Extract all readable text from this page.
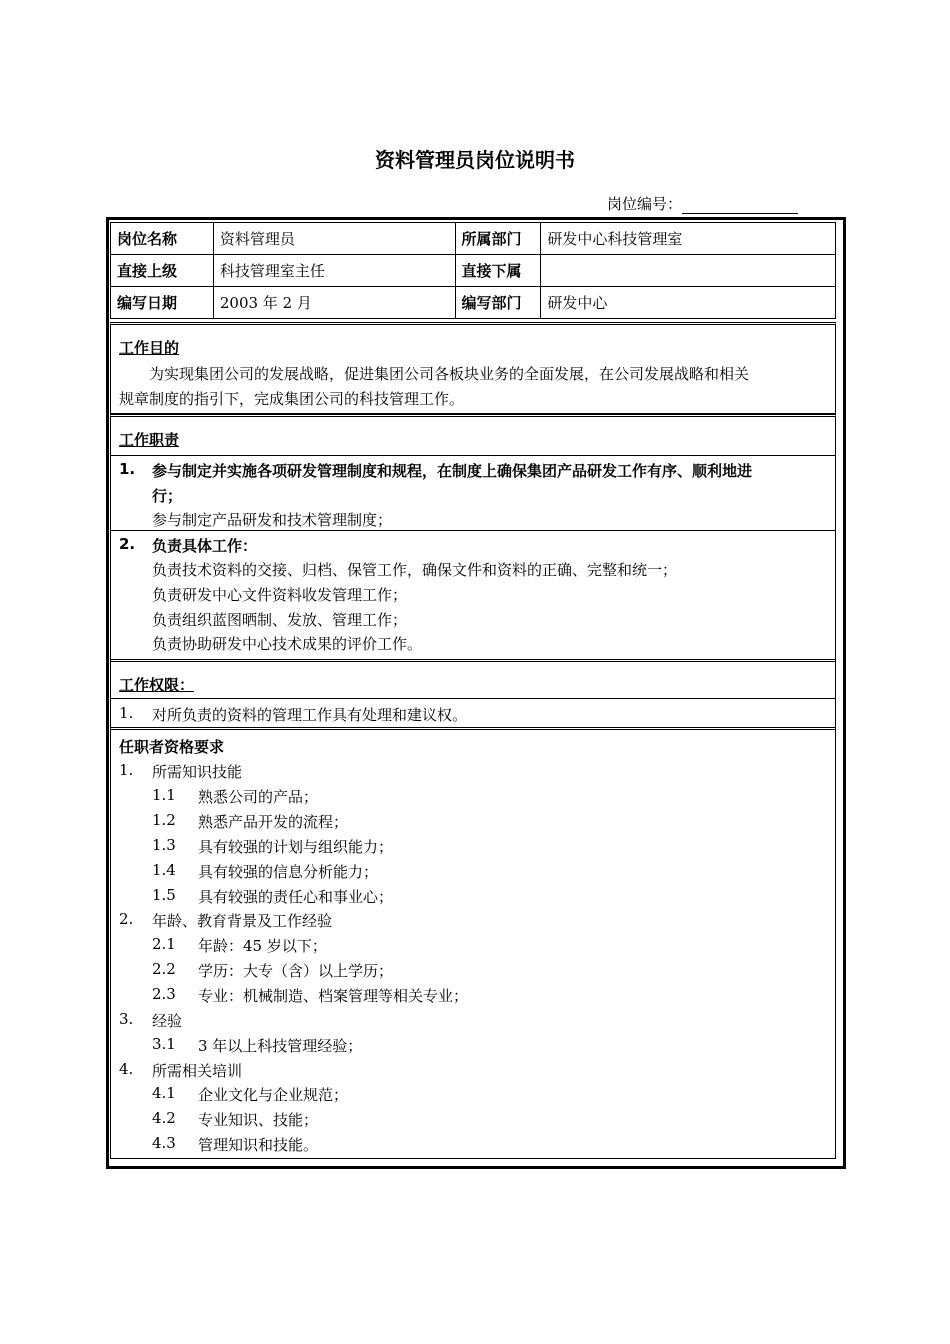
资料管理员岗位说明书
岗位编号：
岗位名称	资料管理员	所属部门	研发中心科技管理室
直接上级	科技管理室主任	直接下属	
编写日期	2003 年 2 月	编写部门	研发中心
工作目的
为实现集团公司的发展战略，促进集团公司各板块业务的全面发展，在公司发展战略和相关
规章制度的指引下，完成集团公司的科技管理工作。
工作职责
1. 参与制定并实施各项研发管理制度和规程，在制度上确保集团产品研发工作有序、顺利地进
行；
参与制定产品研发和技术管理制度；
2. 负责具体工作：
负责技术资料的交接、归档、保管工作，确保文件和资料的正确、完整和统一；
负责研发中心文件资料收发管理工作；
负责组织蓝图晒制、发放、管理工作；
负责协助研发中心技术成果的评价工作。
工作权限：
1. 对所负责的资料的管理工作具有处理和建议权。
任职者资格要求
1. 所需知识技能
1.1 熟悉公司的产品；
1.2 熟悉产品开发的流程；
1.3 具有较强的计划与组织能力；
1.4 具有较强的信息分析能力；
1.5 具有较强的责任心和事业心；
2. 年龄、教育背景及工作经验
2.1 年龄：45 岁以下；
2.2 学历：大专（含）以上学历；
2.3 专业：机械制造、档案管理等相关专业；
3. 经验
3.1 3 年以上科技管理经验；
4. 所需相关培训
4.1 企业文化与企业规范；
4.2 专业知识、技能；
4.3 管理知识和技能。
